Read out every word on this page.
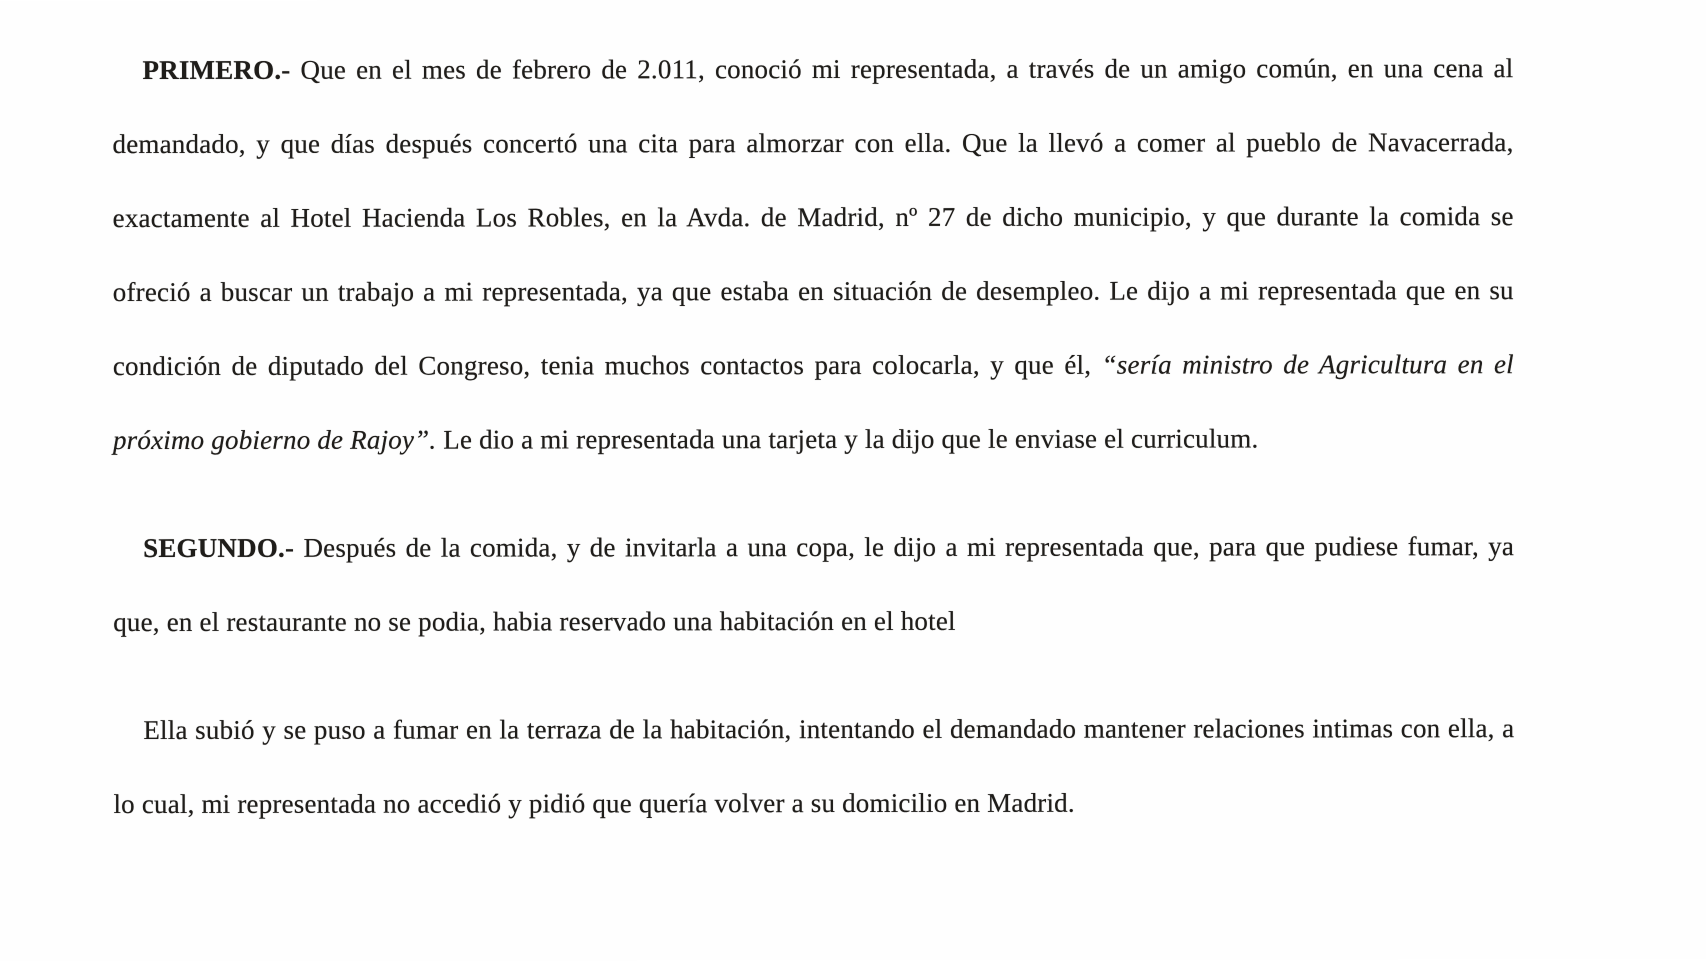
PRIMERO.- Que en el mes de febrero de 2.011, conoció mi representada, a través de un amigo común, en una cena al demandado, y que días después concertó una cita para almorzar con ella. Que la llevó a comer al pueblo de Navacerrada, exactamente al Hotel Hacienda Los Robles, en la Avda. de Madrid, nº 27 de dicho municipio, y que durante la comida se ofreció a buscar un trabajo a mi representada, ya que estaba en situación de desempleo. Le dijo a mi representada que en su condición de diputado del Congreso, tenia muchos contactos para colocarla, y que él, “sería ministro de Agricultura en el próximo gobierno de Rajoy”. Le dio a mi representada una tarjeta y la dijo que le enviase el curriculum.

SEGUNDO.- Después de la comida, y de invitarla a una copa, le dijo a mi representada que, para que pudiese fumar, ya que, en el restaurante no se podia, habia reservado una habitación en el hotel

Ella subió y se puso a fumar en la terraza de la habitación, intentando el demandado mantener relaciones intimas con ella, a lo cual, mi representada no accedió y pidió que quería volver a su domicilio en Madrid.
